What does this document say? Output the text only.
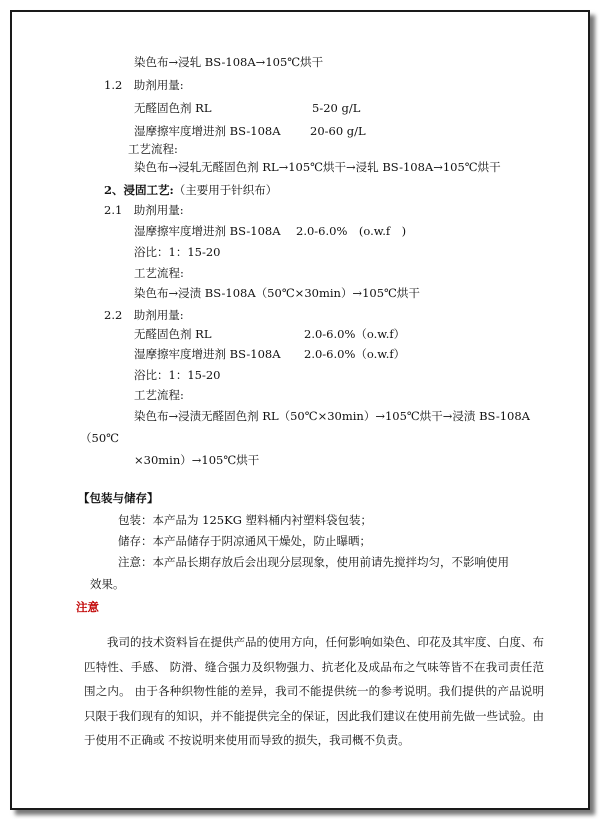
染色布→浸轧 BS-108A→105℃烘干
1.2　助剂用量:
无醛固色剂 RL	5-20 g/L
湿摩擦牢度增进剂 BS-108A	20-60 g/L
工艺流程:
染色布→浸轧无醛固色剂 RL→105℃烘干→浸轧 BS-108A→105℃烘干
2、浸固工艺:（主要用于针织布）
2.1　助剂用量:
湿摩擦牢度增进剂 BS-108A 2.0-6.0%　(o.w.f　)
浴比：1：15-20
工艺流程:
染色布→浸渍 BS-108A（50℃×30min）→105℃烘干
2.2　助剂用量:
无醛固色剂 RL	2.0-6.0%（o.w.f）
湿摩擦牢度增进剂 BS-108A 2.0-6.0%（o.w.f）
浴比：1：15-20
工艺流程:
染色布→浸渍无醛固色剂 RL（50℃×30min）→105℃烘干→浸渍 BS-108A
（50℃
×30min）→105℃烘干
【包装与储存】
包装：本产品为 125KG 塑料桶内衬塑料袋包装；
储存：本产品储存于阴凉通风干燥处，防止曝晒；
注意：本产品长期存放后会出现分层现象，使用前请先搅拌均匀，不影响使用
效果。
注意
我司的技术资料旨在提供产品的使用方向，任何影响如染色、印花及其牢度、白度、布匹特性、手感、 防滑、缝合强力及织物强力、抗老化及成品布之气味等皆不在我司责任范围之内。 由于各种织物性能的差异，我司不能提供统一的参考说明。我们提供的产品说明只限于我们现有的知识，并不能提供完全的保证，因此我们建议在使用前先做一些试验。由于使用不正确或 不按说明来使用而导致的损失，我司概不负责。
